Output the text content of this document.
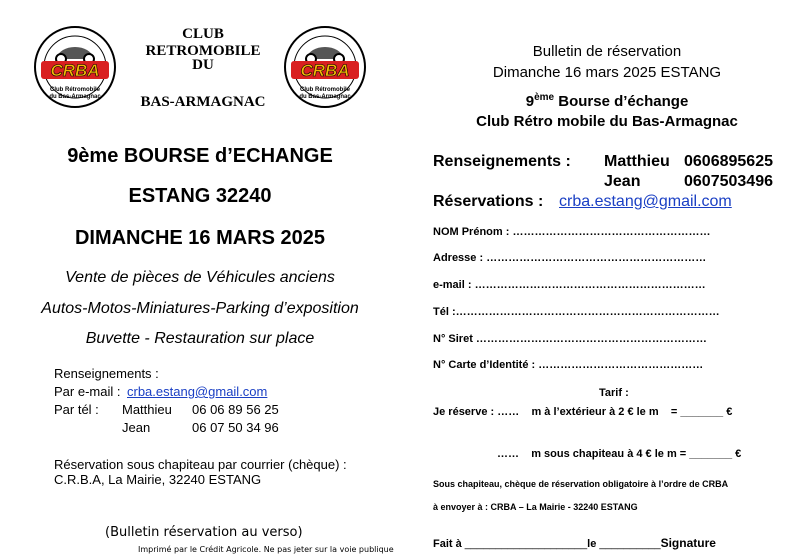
CRBA
Club Rétromobile
du Bas-Armagnac
CLUB RETROMOBILE
DU
BAS-ARMAGNAC
CRBA
Club Rétromobile
du Bas-Armagnac
9ème BOURSE d’ECHANGE
ESTANG 32240
DIMANCHE 16 MARS 2025
Vente de pièces de Véhicules anciens
Autos-Motos-Miniatures-Parking d’exposition
Buvette - Restauration sur place
Renseignements :
Par e-mail : crba.estang@gmail.com
Par tél : Matthieu 06 06 89 56 25
Jean	06 07 50 34 96
Réservation sous chapiteau par courrier (chèque) :
C.R.B.A, La Mairie, 32240 ESTANG
(Bulletin réservation au verso)
Imprimé par le Crédit Agricole. Ne pas jeter sur la voie publique
Bulletin de réservation
Dimanche 16 mars 2025 ESTANG
9ème Bourse d’échange
Club Rétro mobile du Bas-Armagnac
Renseignements : Matthieu 0606895625
Jean	0607503496
Réservations : crba.estang@gmail.com
NOM Prénom : ………………………………………………
Adresse : ……………………………………………………
e-mail : ………………………………………………………
Tél :………………………………………………………………
N° Siret ………………………………………………………
N° Carte d’Identité : ………………………………………
Tarif :
Je réserve : ……    m à l’extérieur à 2 € le m    = _______ €
……    m sous chapiteau à 4 € le m = _______ €
Sous chapiteau, chèque de réservation obligatoire à l’ordre de CRBA
à envoyer à : CRBA – La Mairie - 32240 ESTANG
Fait à ____________________le __________Signature
